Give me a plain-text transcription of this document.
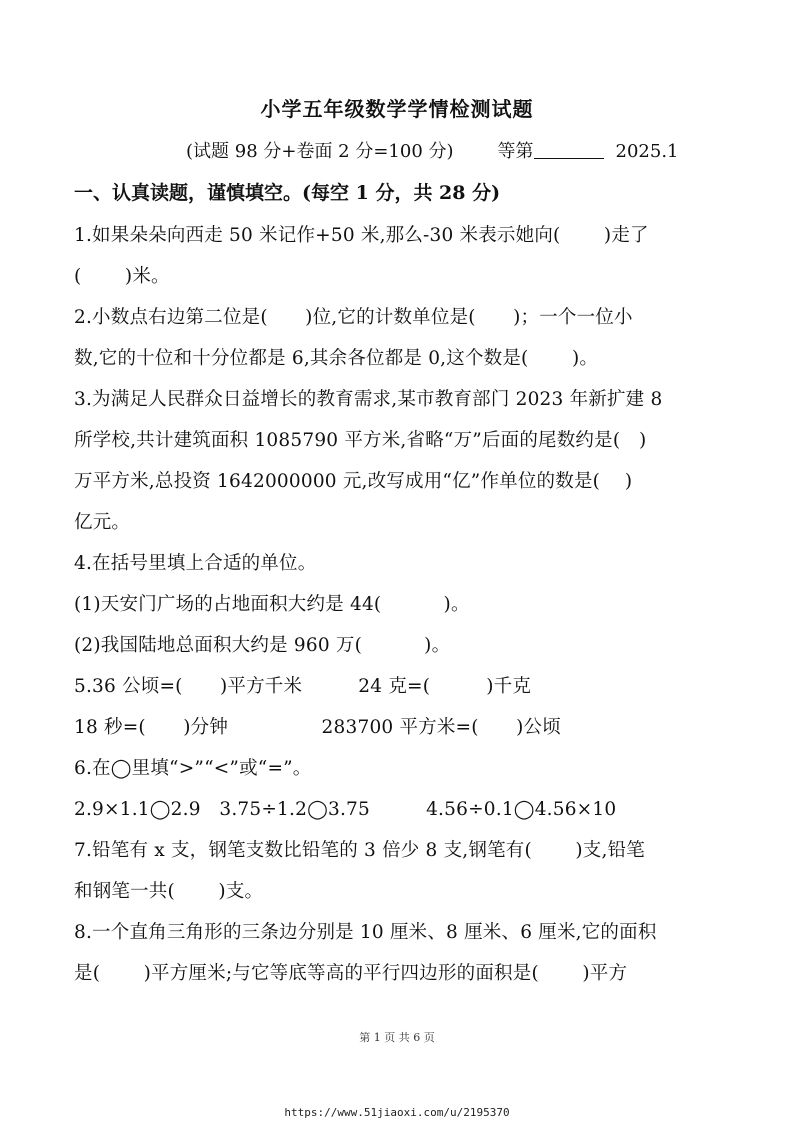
小学五年级数学学情检测试题
(试题 98 分+卷面 2 分=100 分) 等第	2025.1
一、认真读题，谨慎填空。(每空 1 分，共 28 分)
1.如果朵朵向西走 50 米记作+50 米,那么-30 米表示她向(　　 )走了
(　　 )米。
2.小数点右边第二位是(　　)位,它的计数单位是(　　)；一个一位小
数,它的十位和十分位都是 6,其余各位都是 0,这个数是(　　 )。
3.为满足人民群众日益增长的教育需求,某市教育部门 2023 年新扩建 8
所学校,共计建筑面积 1085790 平方米,省略“万”后面的尾数约是(　)
万平方米,总投资 1642000000 元,改写成用“亿”作单位的数是(　 )
亿元。
4.在括号里填上合适的单位。
(1)天安门广场的占地面积大约是 44(　　　 )。
(2)我国陆地总面积大约是 960 万(　　　 )。
5.36 公顷=(　　)平方千米　　　24 克=(　　　)千克
18 秒=(　　)分钟　　　　　283700 平方米=(　　)公顷
6.在◯里填“>”“<”或“=”。
2.9×1.1◯2.9　3.75÷1.2◯3.75　　　4.56÷0.1◯4.56×10
7.铅笔有 x 支，钢笔支数比铅笔的 3 倍少 8 支,钢笔有(　　 )支,铅笔
和钢笔一共(　　 )支。
8.一个直角三角形的三条边分别是 10 厘米、8 厘米、6 厘米,它的面积
是(　　 )平方厘米;与它等底等高的平行四边形的面积是(　　 )平方
第 1 页 共 6 页
https://www.51jiaoxi.com/u/2195370
